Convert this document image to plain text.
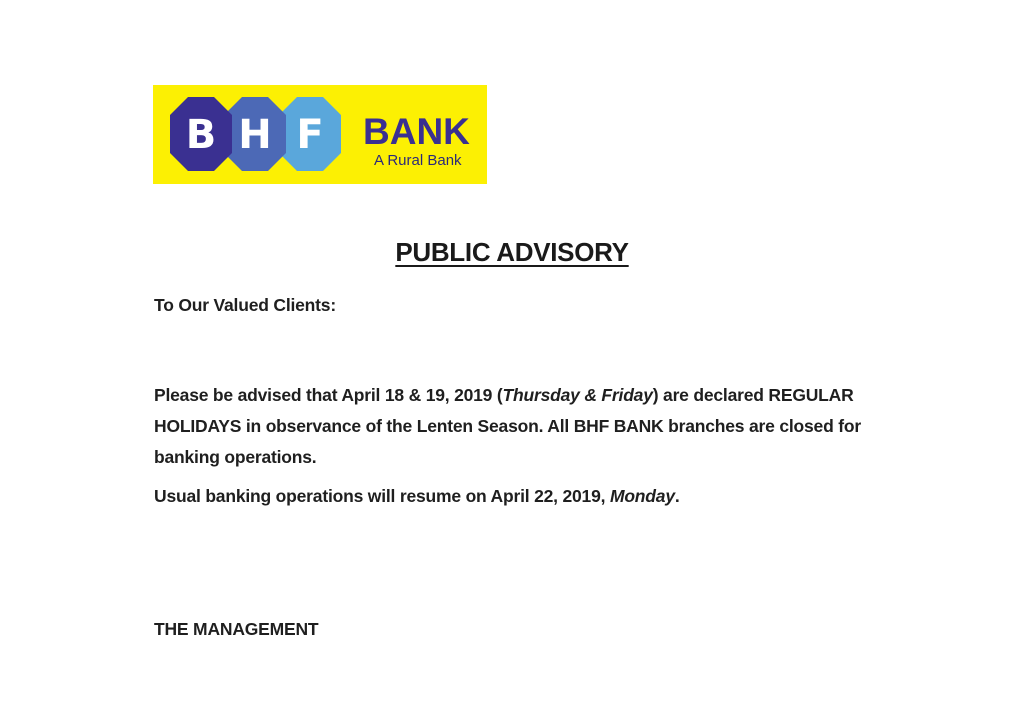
B H F BANK
A Rural Bank
PUBLIC ADVISORY
To Our Valued Clients:
Please be advised that April 18 & 19, 2019 (Thursday & Friday) are declared REGULAR HOLIDAYS in observance of the Lenten Season. All BHF BANK branches are closed for banking operations.
Usual banking operations will resume on April 22, 2019, Monday.
THE MANAGEMENT
